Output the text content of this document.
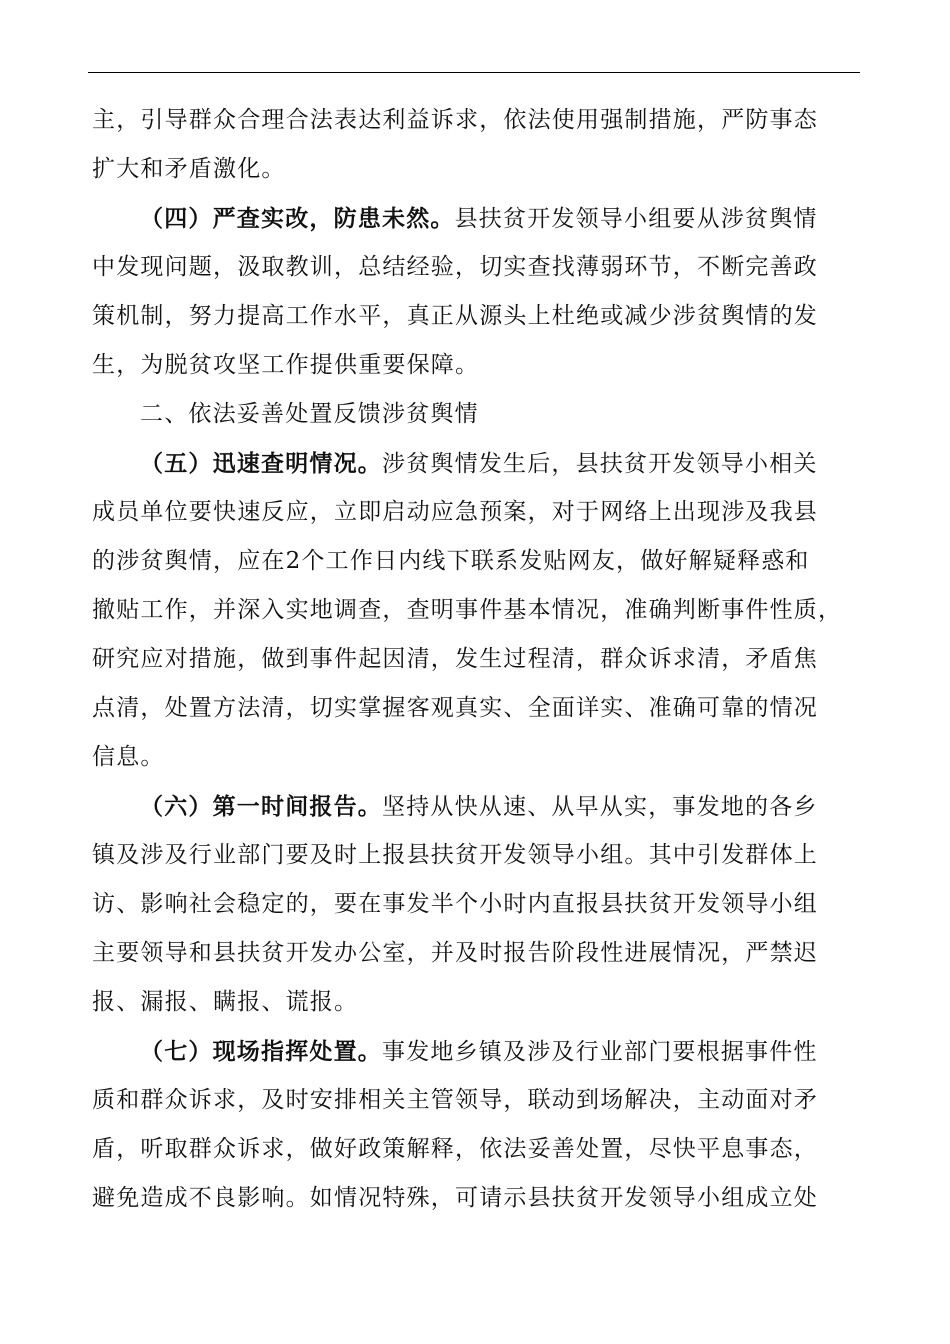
主，引导群众合理合法表达利益诉求，依法使用强制措施，严防事态
扩大和矛盾激化。
（四）严查实改，防患未然。县扶贫开发领导小组要从涉贫舆情
中发现问题，汲取教训，总结经验，切实查找薄弱环节，不断完善政
策机制，努力提高工作水平，真正从源头上杜绝或减少涉贫舆情的发
生，为脱贫攻坚工作提供重要保障。
二、依法妥善处置反馈涉贫舆情
（五）迅速查明情况。涉贫舆情发生后，县扶贫开发领导小相关
成员单位要快速反应，立即启动应急预案，对于网络上出现涉及我县
的涉贫舆情，应在2个工作日内线下联系发贴网友，做好解疑释惑和
撤贴工作，并深入实地调查，查明事件基本情况，准确判断事件性质，
研究应对措施，做到事件起因清，发生过程清，群众诉求清，矛盾焦
点清，处置方法清，切实掌握客观真实、全面详实、准确可靠的情况
信息。
（六）第一时间报告。坚持从快从速、从早从实，事发地的各乡
镇及涉及行业部门要及时上报县扶贫开发领导小组。其中引发群体上
访、影响社会稳定的，要在事发半个小时内直报县扶贫开发领导小组
主要领导和县扶贫开发办公室，并及时报告阶段性进展情况，严禁迟
报、漏报、瞒报、谎报。
（七）现场指挥处置。事发地乡镇及涉及行业部门要根据事件性
质和群众诉求，及时安排相关主管领导，联动到场解决，主动面对矛
盾，听取群众诉求，做好政策解释，依法妥善处置，尽快平息事态，
避免造成不良影响。如情况特殊，可请示县扶贫开发领导小组成立处
